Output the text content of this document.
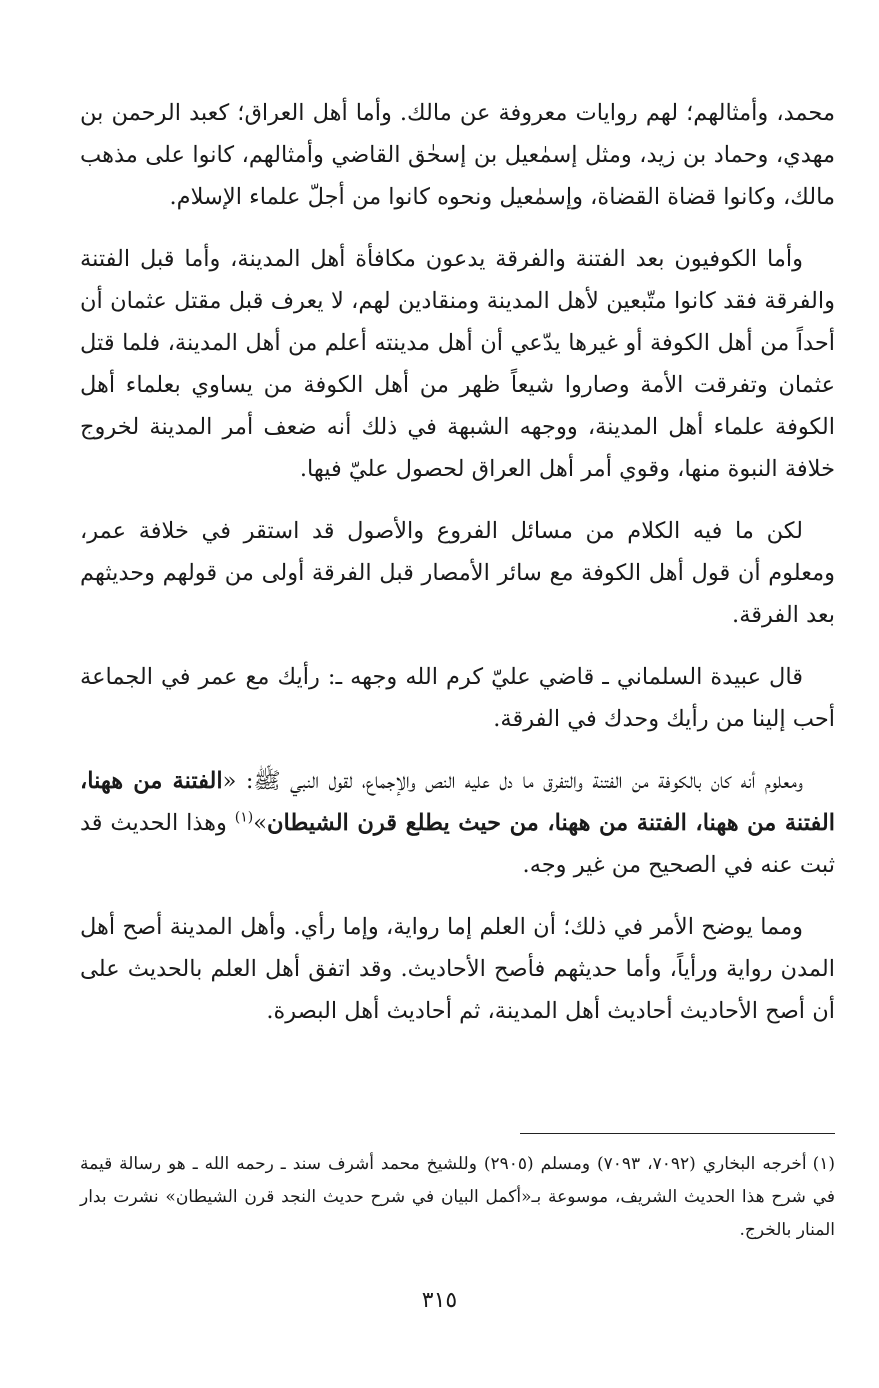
محمد، وأمثالهم؛ لهم روايات معروفة عن مالك. وأما أهل العراق؛ كعبد الرحمن بن مهدي، وحماد بن زيد، ومثل إسمٰعيل بن إسحٰق القاضي وأمثالهم، كانوا على مذهب مالك، وكانوا قضاة القضاة، وإسمٰعيل ونحوه كانوا من أجلّ علماء الإسلام.

وأما الكوفيون بعد الفتنة والفرقة يدعون مكافأة أهل المدينة، وأما قبل الفتنة والفرقة فقد كانوا متّبعين لأهل المدينة ومنقادين لهم، لا يعرف قبل مقتل عثمان أن أحداً من أهل الكوفة أو غيرها يدّعي أن أهل مدينته أعلم من أهل المدينة، فلما قتل عثمان وتفرقت الأمة وصاروا شيعاً ظهر من أهل الكوفة من يساوي بعلماء أهل الكوفة علماء أهل المدينة، ووجهه الشبهة في ذلك أنه ضعف أمر المدينة لخروج خلافة النبوة منها، وقوي أمر أهل العراق لحصول عليّ فيها.

لكن ما فيه الكلام من مسائل الفروع والأصول قد استقر في خلافة عمر، ومعلوم أن قول أهل الكوفة مع سائر الأمصار قبل الفرقة أولى من قولهم وحديثهم بعد الفرقة.

قال عبيدة السلماني ـ قاضي عليّ كرم الله وجهه ـ: رأيك مع عمر في الجماعة أحب إلينا من رأيك وحدك في الفرقة.

ومعلوم أنه كان بالكوفة من الفتنة والتفرق ما دل عليه النص والإجماع، لقول النبي ﷺ: «الفتنة من ههنا، الفتنة من ههنا، الفتنة من ههنا، من حيث يطلع قرن الشيطان»$^{(١)}$ وهذا الحديث قد ثبت عنه في الصحيح من غير وجه.

ومما يوضح الأمر في ذلك؛ أن العلم إما رواية، وإما رأي. وأهل المدينة أصح أهل المدن رواية ورأياً، وأما حديثهم فأصح الأحاديث. وقد اتفق أهل العلم بالحديث على أن أصح الأحاديث أحاديث أهل المدينة، ثم أحاديث أهل البصرة.

(١)أخرجه البخاري (٧٠٩٢، ٧٠٩٣) ومسلم (٢٩٠٥) وللشيخ محمد أشرف سند ـ رحمه الله ـ هو رسالة قيمة في شرح هذا الحديث الشريف، موسوعة بـ«أكمل البيان في شرح حديث النجد قرن الشيطان» نشرت بدار المنار بالخرج.
٣١٥
